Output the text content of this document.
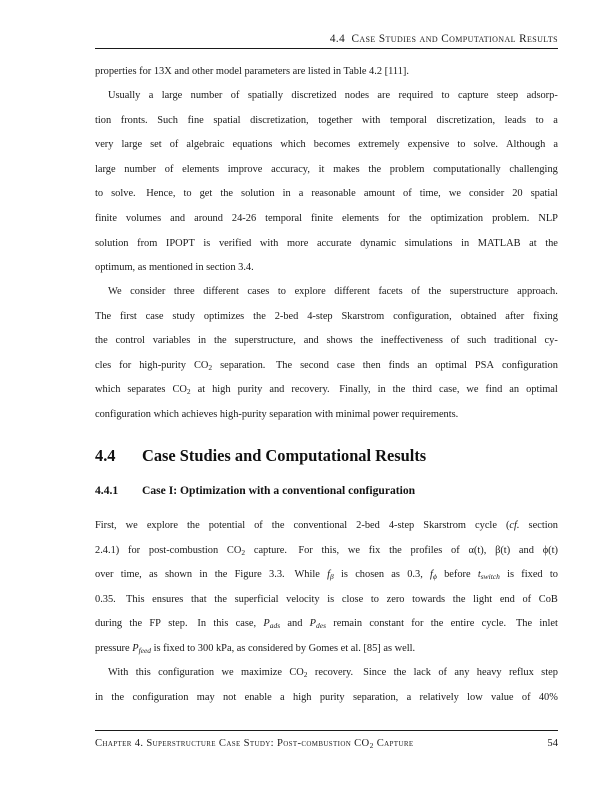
4.4  Case Studies and Computational Results

properties for 13X and other model parameters are listed in Table 4.2 [111].

Usually a large number of spatially discretized nodes are required to capture steep adsorp-
tion fronts. Such fine spatial discretization, together with temporal discretization, leads to a
very large set of algebraic equations which becomes extremely expensive to solve. Although a
large number of elements improve accuracy, it makes the problem computationally challenging
to solve. Hence, to get the solution in a reasonable amount of time, we consider 20 spatial
finite volumes and around 24-26 temporal finite elements for the optimization problem. NLP
solution from IPOPT is verified with more accurate dynamic simulations in MATLAB at the
optimum, as mentioned in section 3.4.

We consider three different cases to explore different facets of the superstructure approach.
The first case study optimizes the 2-bed 4-step Skarstrom configuration, obtained after fixing
the control variables in the superstructure, and shows the ineffectiveness of such traditional cy-
cles for high-purity $CO_2$ separation. The second case then finds an optimal PSA configuration
which separates $CO_2$ at high purity and recovery. Finally, in the third case, we find an optimal
configuration which achieves high-purity separation with minimal power requirements.

4.4 Case Studies and Computational Results
4.4.1 Case I: Optimization with a conventional configuration

First, we explore the potential of the conventional 2-bed 4-step Skarstrom cycle (cf. section
2.4.1) for post-combustion $CO_2$ capture. For this, we fix the profiles of α(t), β(t) and ϕ(t)
over time, as shown in the Figure 3.3. While fβ is chosen as 0.3, fϕ before tswitch is fixed to
0.35. This ensures that the superficial velocity is close to zero towards the light end of CoB
during the FP step. In this case, Pads and Pdes remain constant for the entire cycle. The inlet
pressure Pfeed is fixed to 300 kPa, as considered by Gomes et al. [85] as well.

With this configuration we maximize $CO_2$ recovery. Since the lack of any heavy reflux step
in the configuration may not enable a high purity separation, a relatively low value of 40%

Chapter 4. Superstructure Case Study: Post-combustion $CO_2$ Capture	54
